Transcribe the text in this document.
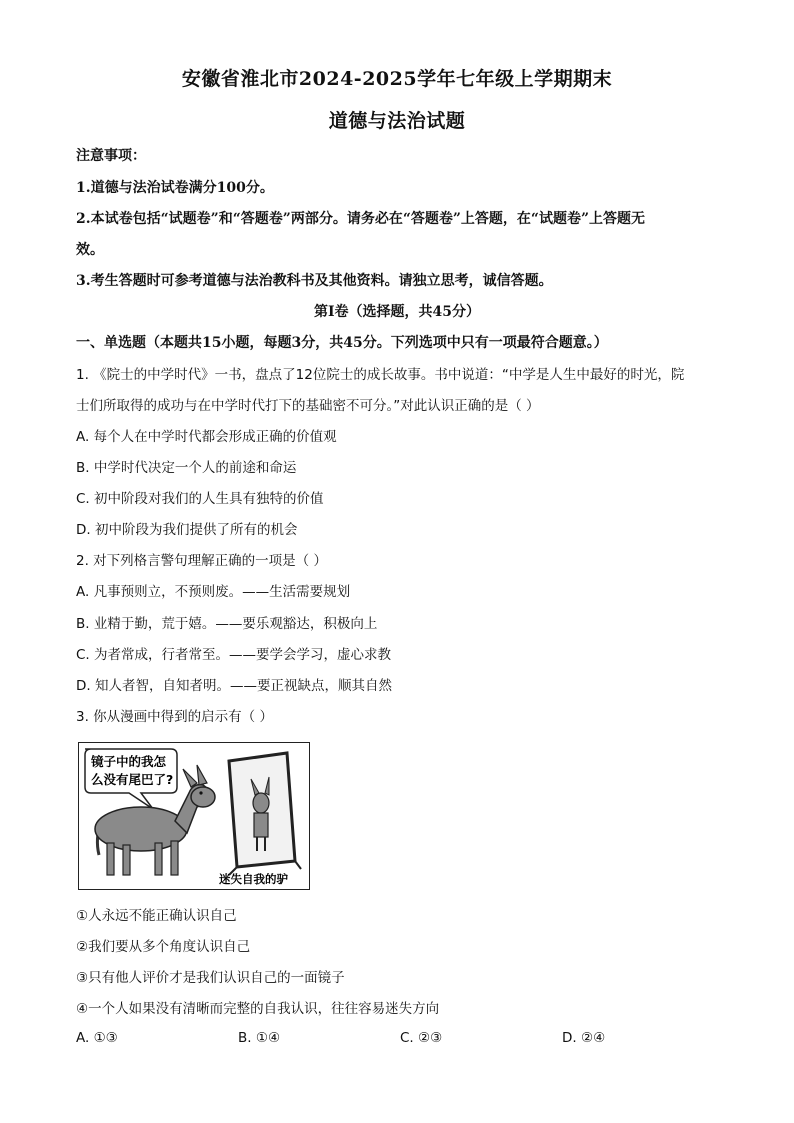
安徽省淮北市2024-2025学年七年级上学期期末
道德与法治试题
注意事项：
1.道德与法治试卷满分100分。
2.本试卷包括“试题卷”和“答题卷”两部分。请务必在“答题卷”上答题，在“试题卷”上答题无
效。
3.考生答题时可参考道德与法治教科书及其他资料。请独立思考，诚信答题。
第Ⅰ卷（选择题，共45分）
一、单选题（本题共15小题，每题3分，共45分。下列选项中只有一项最符合题意。）
1. 《院士的中学时代》一书，盘点了12位院士的成长故事。书中说道：“中学是人生中最好的时光，院
士们所取得的成功与在中学时代打下的基础密不可分。”对此认识正确的是（ ）
A. 每个人在中学时代都会形成正确的价值观
B. 中学时代决定一个人的前途和命运
C. 初中阶段对我们的人生具有独特的价值
D. 初中阶段为我们提供了所有的机会
2. 对下列格言警句理解正确的一项是（ ）
A. 凡事预则立，不预则废。——生活需要规划
B. 业精于勤，荒于嬉。——要乐观豁达，积极向上
C. 为者常成，行者常至。——要学会学习，虚心求教
D. 知人者智，自知者明。——要正视缺点，顺其自然
3. 你从漫画中得到的启示有（ ）
镜子中的我怎
么没有尾巴了?
迷失自我的驴
①人永远不能正确认识自己
②我们要从多个角度认识自己
③只有他人评价才是我们认识自己的一面镜子
④一个人如果没有清晰而完整的自我认识，往往容易迷失方向
A. ①③	B. ①④	C. ②③	D. ②④
